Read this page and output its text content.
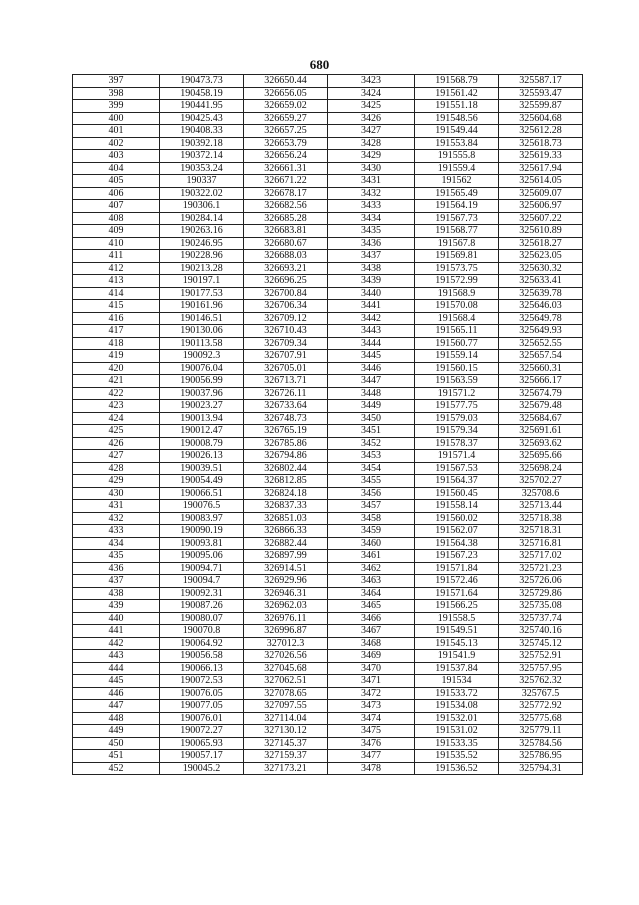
680
397	190473.73	326650.44	3423	191568.79	325587.17
398	190458.19	326656.05	3424	191561.42	325593.47
399	190441.95	326659.02	3425	191551.18	325599.87
400	190425.43	326659.27	3426	191548.56	325604.68
401	190408.33	326657.25	3427	191549.44	325612.28
402	190392.18	326653.79	3428	191553.84	325618.73
403	190372.14	326656.24	3429	191555.8	325619.33
404	190353.24	326661.31	3430	191559.4	325617.94
405	190337	326671.22	3431	191562	325614.05
406	190322.02	326678.17	3432	191565.49	325609.07
407	190306.1	326682.56	3433	191564.19	325606.97
408	190284.14	326685.28	3434	191567.73	325607.22
409	190263.16	326683.81	3435	191568.77	325610.89
410	190246.95	326680.67	3436	191567.8	325618.27
411	190228.96	326688.03	3437	191569.81	325623.05
412	190213.28	326693.21	3438	191573.75	325630.32
413	190197.1	326696.25	3439	191572.99	325633.41
414	190177.53	326700.84	3440	191568.9	325639.78
415	190161.96	326706.34	3441	191570.08	325646.03
416	190146.51	326709.12	3442	191568.4	325649.78
417	190130.06	326710.43	3443	191565.11	325649.93
418	190113.58	326709.34	3444	191560.77	325652.55
419	190092.3	326707.91	3445	191559.14	325657.54
420	190076.04	326705.01	3446	191560.15	325660.31
421	190056.99	326713.71	3447	191563.59	325666.17
422	190037.96	326726.11	3448	191571.2	325674.79
423	190023.27	326733.64	3449	191577.75	325679.48
424	190013.94	326748.73	3450	191579.03	325684.67
425	190012.47	326765.19	3451	191579.34	325691.61
426	190008.79	326785.86	3452	191578.37	325693.62
427	190026.13	326794.86	3453	191571.4	325695.66
428	190039.51	326802.44	3454	191567.53	325698.24
429	190054.49	326812.85	3455	191564.37	325702.27
430	190066.51	326824.18	3456	191560.45	325708.6
431	190076.5	326837.33	3457	191558.14	325713.44
432	190083.97	326851.03	3458	191560.02	325718.38
433	190090.19	326866.33	3459	191562.07	325718.31
434	190093.81	326882.44	3460	191564.38	325716.81
435	190095.06	326897.99	3461	191567.23	325717.02
436	190094.71	326914.51	3462	191571.84	325721.23
437	190094.7	326929.96	3463	191572.46	325726.06
438	190092.31	326946.31	3464	191571.64	325729.86
439	190087.26	326962.03	3465	191566.25	325735.08
440	190080.07	326976.11	3466	191558.5	325737.74
441	190070.8	326996.87	3467	191549.51	325740.16
442	190064.92	327012.3	3468	191545.13	325745.12
443	190056.58	327026.56	3469	191541.9	325752.91
444	190066.13	327045.68	3470	191537.84	325757.95
445	190072.53	327062.51	3471	191534	325762.32
446	190076.05	327078.65	3472	191533.72	325767.5
447	190077.05	327097.55	3473	191534.08	325772.92
448	190076.01	327114.04	3474	191532.01	325775.68
449	190072.27	327130.12	3475	191531.02	325779.11
450	190065.93	327145.37	3476	191533.35	325784.56
451	190057.17	327159.37	3477	191535.52	325786.95
452	190045.2	327173.21	3478	191536.52	325794.31
